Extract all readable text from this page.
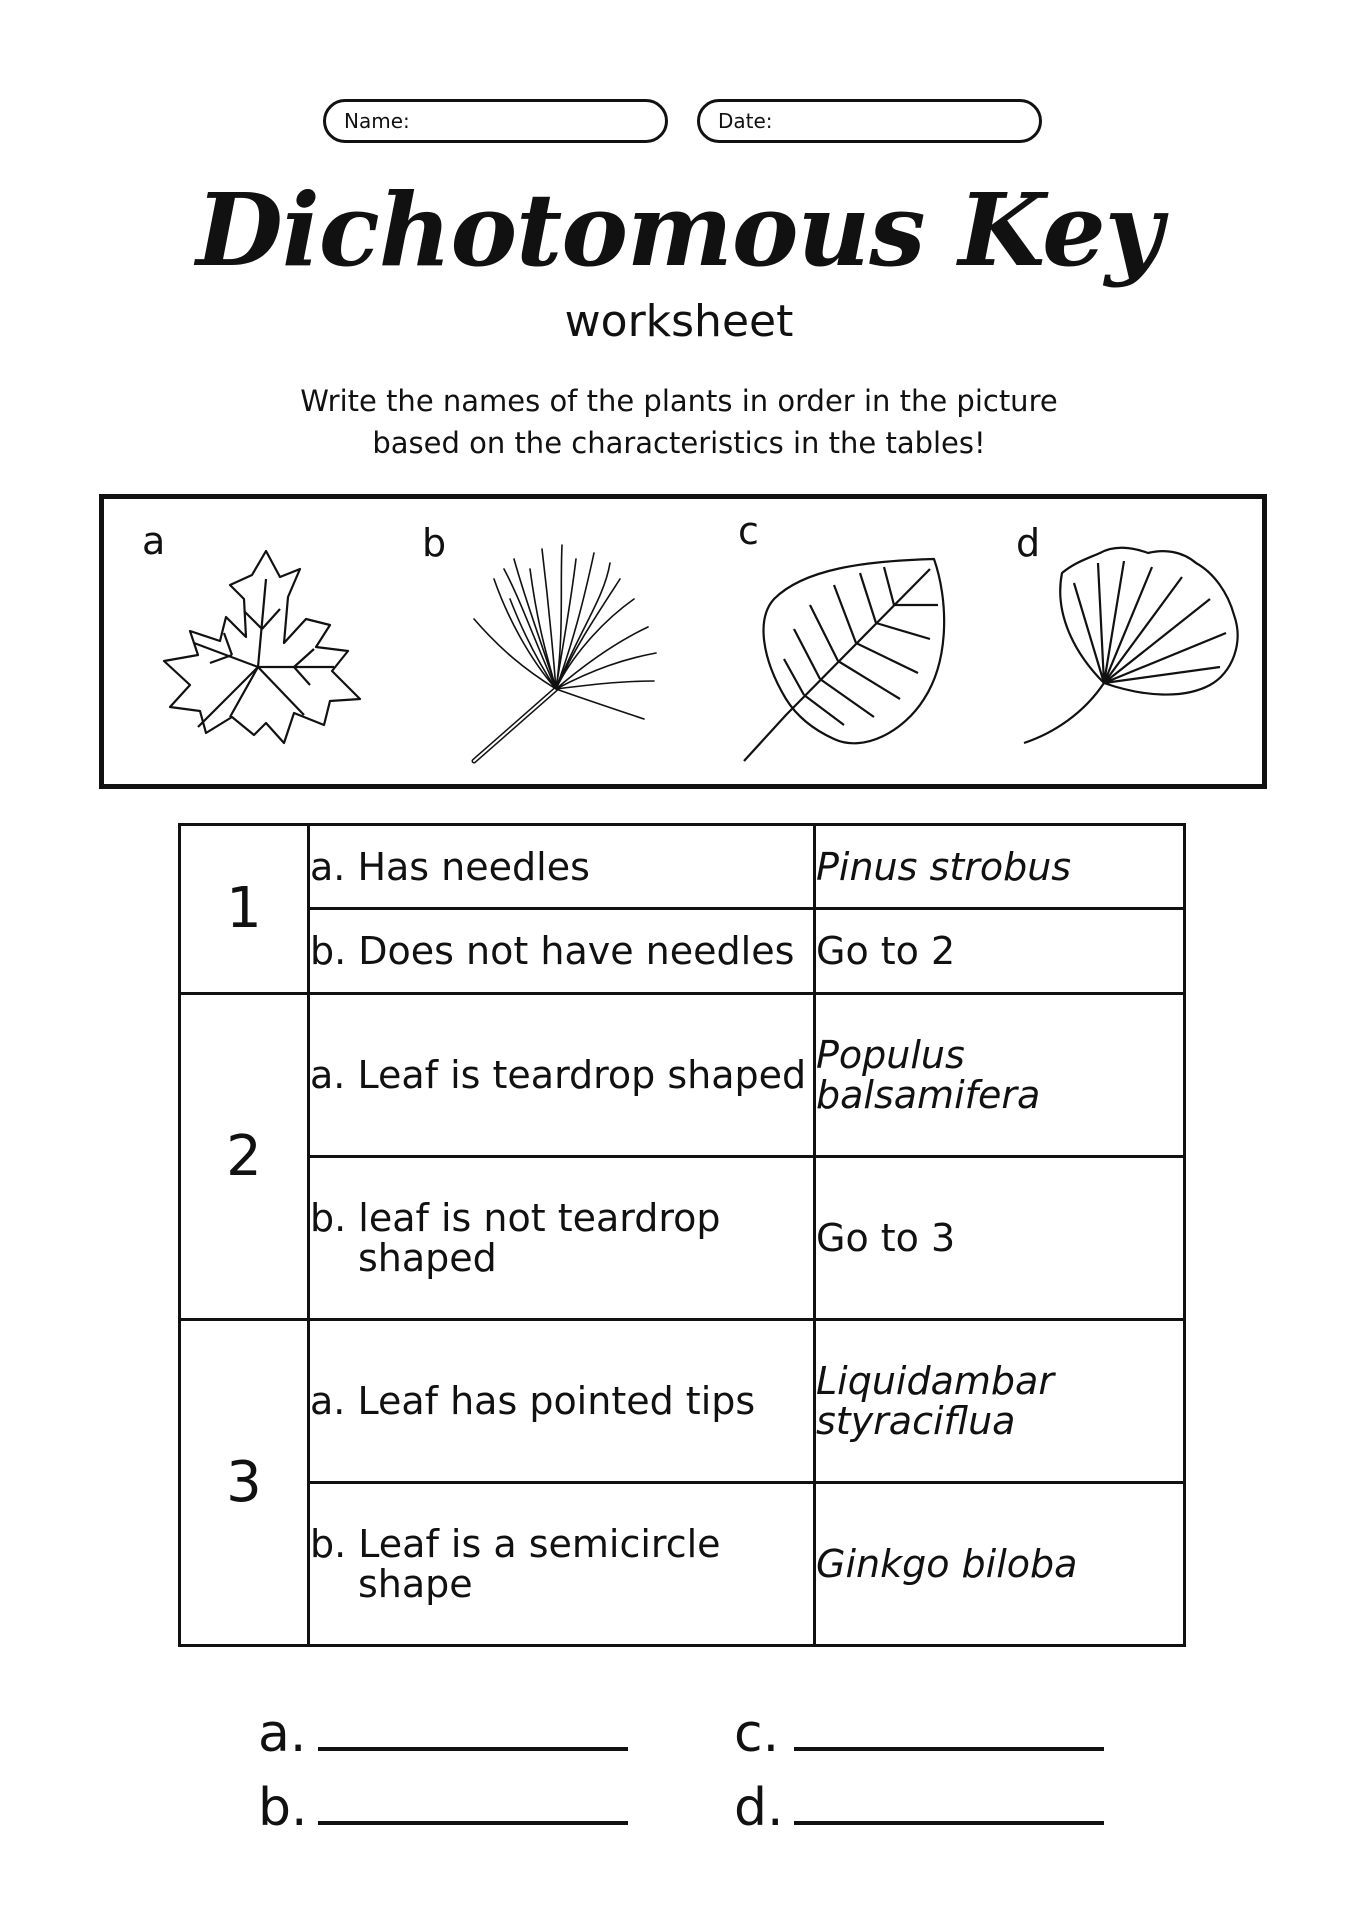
Name:	Date:
Dichotomous Key
worksheet
Write the names of the plants in order in the picture
based on the characteristics in the tables!
a	b	c	d
1	a. Has needles	Pinus strobus
	b. Does not have needles	Go to 2
2	a. Leaf is teardrop shaped	Populus balsamifera
	b. leaf is not teardrop shaped	Go to 3
3	a. Leaf has pointed tips	Liquidambar styraciflua
	b. Leaf is a semicircle shape	Ginkgo biloba
a.
b.
c.
d.
